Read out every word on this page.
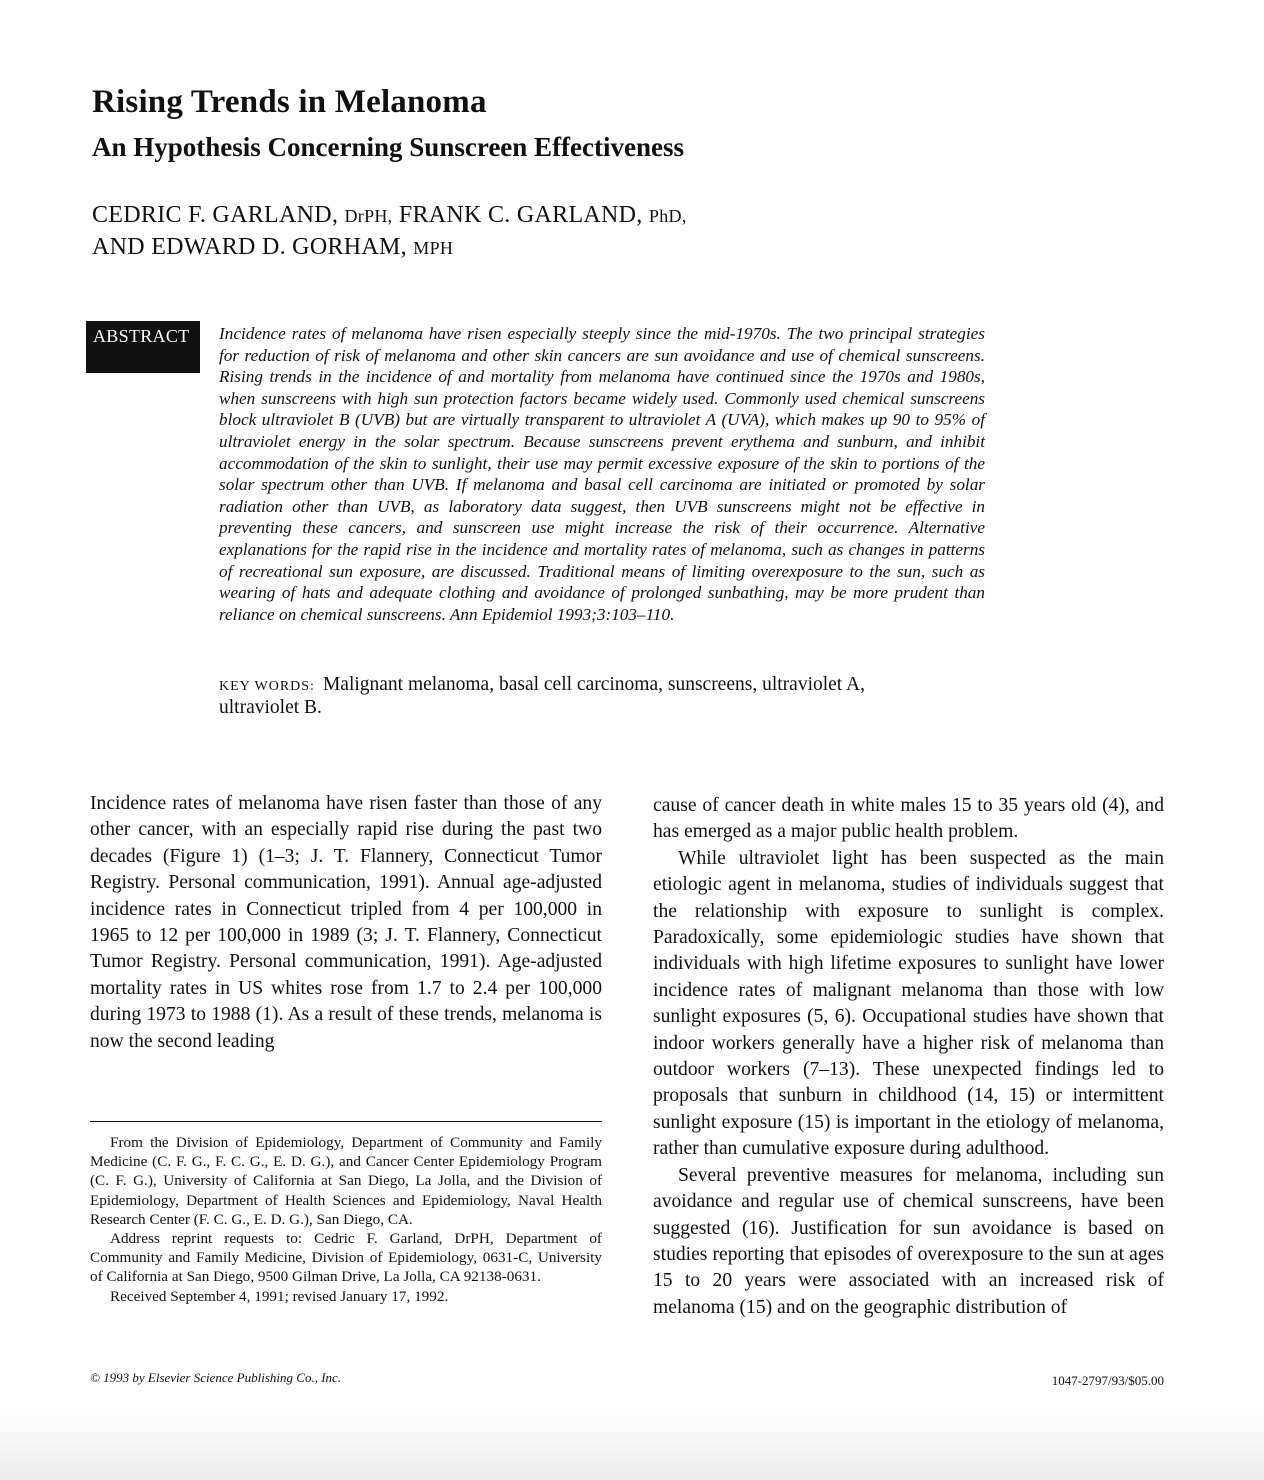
Rising Trends in Melanoma
An Hypothesis Concerning Sunscreen Effectiveness
CEDRIC F. GARLAND, DrPH, FRANK C. GARLAND, PhD,
AND EDWARD D. GORHAM, MPH
ABSTRACT	Incidence rates of melanoma have risen especially steeply since the mid-1970s. The two principal strategies for reduction of risk of melanoma and other skin cancers are sun avoidance and use of chemical sunscreens. Rising trends in the incidence of and mortality from melanoma have continued since the 1970s and 1980s, when sunscreens with high sun protection factors became widely used. Commonly used chemical sunscreens block ultraviolet B (UVB) but are virtually transparent to ultraviolet A (UVA), which makes up 90 to 95% of ultraviolet energy in the solar spectrum. Because sunscreens prevent erythema and sunburn, and inhibit accommodation of the skin to sunlight, their use may permit excessive exposure of the skin to portions of the solar spectrum other than UVB. If melanoma and basal cell carcinoma are initiated or promoted by solar radiation other than UVB, as laboratory data suggest, then UVB sunscreens might not be effective in preventing these cancers, and sunscreen use might increase the risk of their occurrence. Alternative explanations for the rapid rise in the incidence and mortality rates of melanoma, such as changes in patterns of recreational sun exposure, are discussed. Traditional means of limiting overexposure to the sun, such as wearing of hats and adequate clothing and avoidance of prolonged sunbathing, may be more prudent than reliance on chemical sunscreens. Ann Epidemiol 1993;3:103–110.

KEY WORDS: Malignant melanoma, basal cell carcinoma, sunscreens, ultraviolet A, ultraviolet B.

Incidence rates of melanoma have risen faster than those of any other cancer, with an especially rapid rise during the past two decades (Figure 1) (1–3; J. T. Flannery, Connecticut Tumor Registry. Personal communication, 1991). Annual age-adjusted incidence rates in Connecticut tripled from 4 per 100,000 in 1965 to 12 per 100,000 in 1989 (3; J. T. Flannery, Connecticut Tumor Registry. Personal communication, 1991). Age-adjusted mortality rates in US whites rose from 1.7 to 2.4 per 100,000 during 1973 to 1988 (1). As a result of these trends, melanoma is now the second leading

cause of cancer death in white males 15 to 35 years old (4), and has emerged as a major public health problem.

While ultraviolet light has been suspected as the main etiologic agent in melanoma, studies of individuals suggest that the relationship with exposure to sunlight is complex. Paradoxically, some epidemiologic studies have shown that individuals with high lifetime exposures to sunlight have lower incidence rates of malignant melanoma than those with low sunlight exposures (5, 6). Occupational studies have shown that indoor workers generally have a higher risk of melanoma than outdoor workers (7–13). These unexpected findings led to proposals that sunburn in childhood (14, 15) or intermittent sunlight exposure (15) is important in the etiology of melanoma, rather than cumulative exposure during adulthood.

Several preventive measures for melanoma, including sun avoidance and regular use of chemical sunscreens, have been suggested (16). Justification for sun avoidance is based on studies reporting that episodes of overexposure to the sun at ages 15 to 20 years were associated with an increased risk of melanoma (15) and on the geographic distribution of

From the Division of Epidemiology, Department of Community and Family Medicine (C. F. G., F. C. G., E. D. G.), and Cancer Center Epidemiology Program (C. F. G.), University of California at San Diego, La Jolla, and the Division of Epidemiology, Department of Health Sciences and Epidemiology, Naval Health Research Center (F. C. G., E. D. G.), San Diego, CA.

Address reprint requests to: Cedric F. Garland, DrPH, Department of Community and Family Medicine, Division of Epidemiology, 0631-C, University of California at San Diego, 9500 Gilman Drive, La Jolla, CA 92138-0631.

Received September 4, 1991; revised January 17, 1992.

© 1993 by Elsevier Science Publishing Co., Inc.	1047-2797/93/$05.00
